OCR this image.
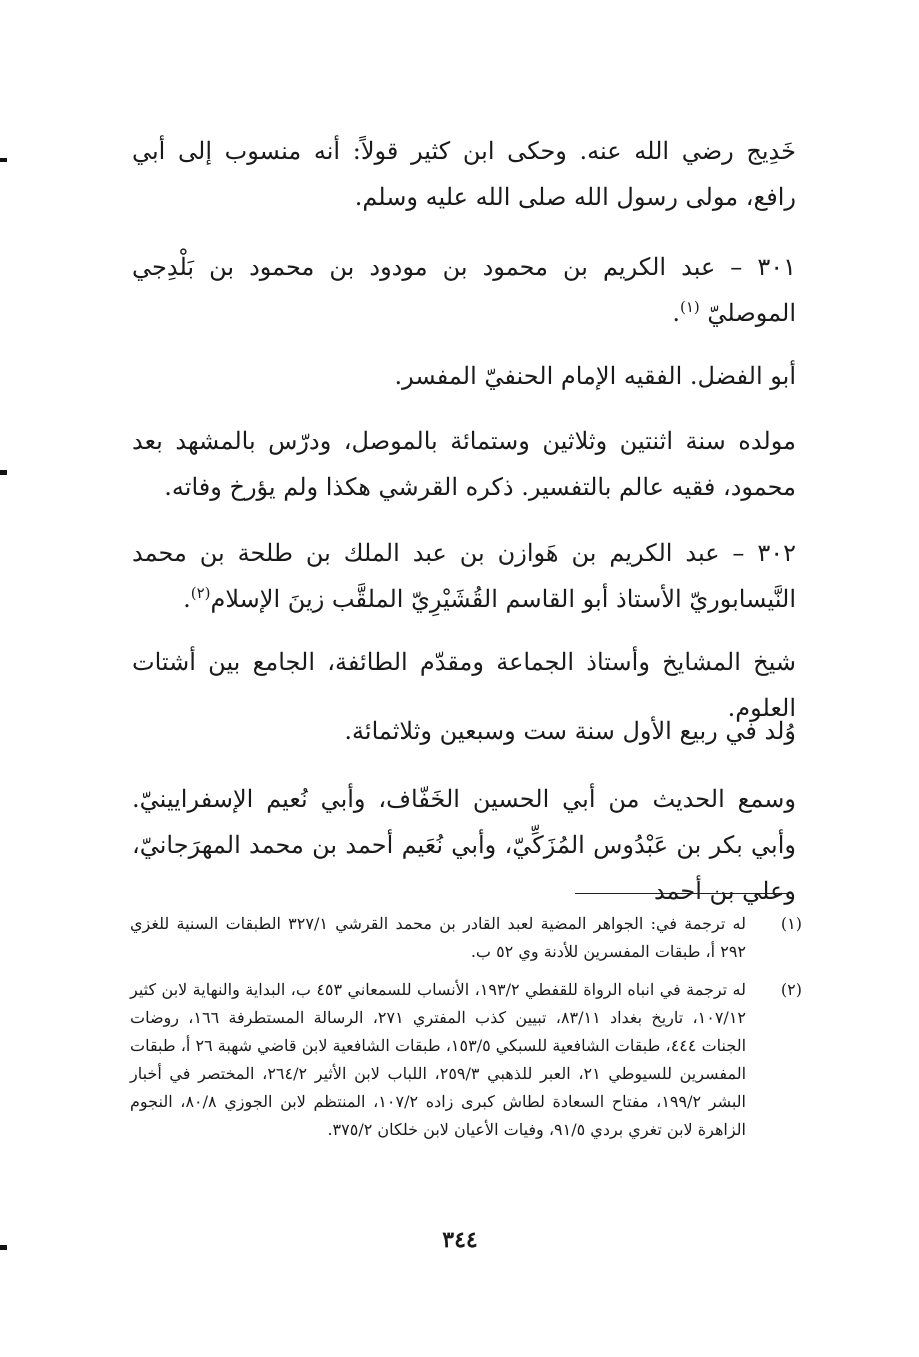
خَدِيج رضي الله عنه. وحكى ابن كثير قولاً: أنه منسوب إلى أبي رافع، مولى رسول الله صلى الله عليه وسلم.

٣٠١ – عبد الكريم بن محمود بن مودود بن محمود بن بَلْدِجي الموصليّ $^{(١)}$.

أبو الفضل. الفقيه الإمام الحنفيّ المفسر.

مولده سنة اثنتين وثلاثين وستمائة بالموصل، ودرّس بالمشهد بعد محمود، فقيه عالم بالتفسير. ذكره القرشي هكذا ولم يؤرخ وفاته.

٣٠٢ – عبد الكريم بن هَوازن بن عبد الملك بن طلحة بن محمد النَّيسابوريّ الأستاذ أبو القاسم القُشَيْرِيّ الملقَّب زينَ الإسلام$^{(٢)}$.

شيخ المشايخ وأستاذ الجماعة ومقدّم الطائفة، الجامع بين أشتات العلوم.

وُلد في ربيع الأول سنة ست وسبعين وثلاثمائة.

وسمع الحديث من أبي الحسين الخَفّاف، وأبي نُعيم الإسفرايينيّ. وأبي بكر بن عَبْدُوس المُزَكِّيّ، وأبي نُعَيم أحمد بن محمد المهرَجانيّ، وعلي بن أحمد

(١)
له ترجمة في: الجواهر المضية لعبد القادر بن محمد القرشي ٣٢٧/١ الطبقات السنية للغزي ٢٩٢ أ، طبقات المفسرين للأدنة وي ٥٢ ب.
(٢)
له ترجمة في انباه الرواة للقفطي ١٩٣/٢، الأنساب للسمعاني ٤٥٣ ب، البداية والنهاية لابن كثير ١٠٧/١٢، تاريخ بغداد ٨٣/١١، تبيين كذب المفتري ٢٧١، الرسالة المستطرفة ١٦٦، روضات الجنات ٤٤٤، طبقات الشافعية للسبكي ١٥٣/٥، طبقات الشافعية لابن قاضي شهبة ٢٦ أ، طبقات المفسرين للسيوطي ٢١، العبر للذهبي ٢٥٩/٣، اللباب لابن الأثير ٢٦٤/٢، المختصر في أخبار البشر ١٩٩/٢، مفتاح السعادة لطاش كبرى زاده ١٠٧/٢، المنتظم لابن الجوزي ٨٠/٨، النجوم الزاهرة لابن تغري بردي ٩١/٥، وفيات الأعيان لابن خلكان ٣٧٥/٢.
٣٤٤
